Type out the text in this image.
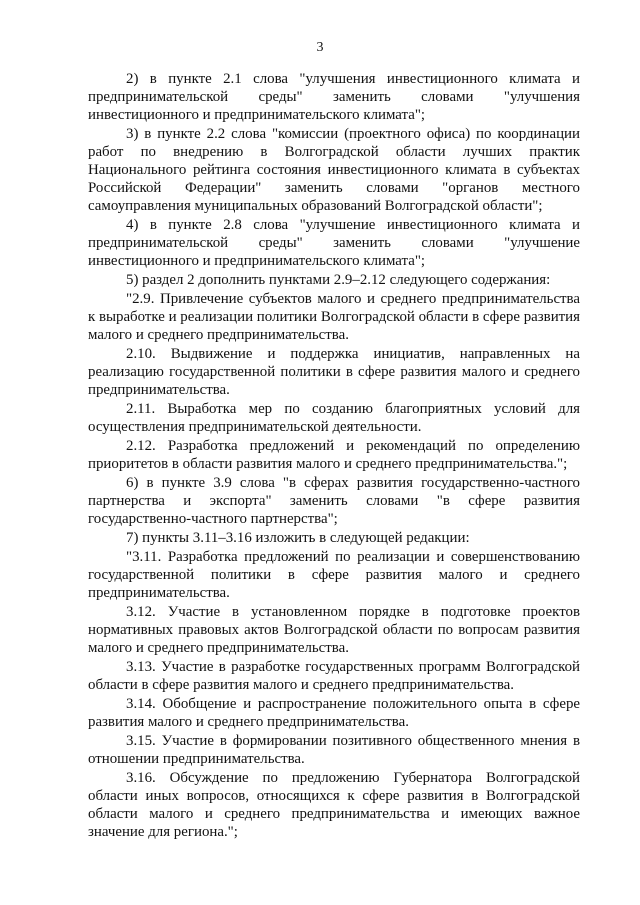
3

2) в пункте 2.1 слова "улучшения инвестиционного климата и предпринимательской среды" заменить словами "улучшения инвестиционного и предпринимательского климата";

3) в пункте 2.2 слова "комиссии (проектного офиса) по координации работ по внедрению в Волгоградской области лучших практик Национального рейтинга состояния инвестиционного климата в субъектах Российской Федерации" заменить словами "органов местного самоуправления муниципальных образований Волгоградской области";

4) в пункте 2.8 слова "улучшение инвестиционного климата и предпринимательской среды" заменить словами "улучшение инвестиционного и предпринимательского климата";

5) раздел 2 дополнить пунктами 2.9–2.12 следующего содержания:

"2.9. Привлечение субъектов малого и среднего предпринимательства к выработке и реализации политики Волгоградской области в сфере развития малого и среднего предпринимательства.

2.10. Выдвижение и поддержка инициатив, направленных на реализацию государственной политики в сфере развития малого и среднего предпринимательства.

2.11. Выработка мер по созданию благоприятных условий для осуществления предпринимательской деятельности.

2.12. Разработка предложений и рекомендаций по определению приоритетов в области развития малого и среднего предпринимательства.";

6) в пункте 3.9 слова "в сферах развития государственно-частного партнерства и экспорта" заменить словами "в сфере развития государственно-частного партнерства";

7) пункты 3.11–3.16 изложить в следующей редакции:

"3.11. Разработка предложений по реализации и совершенствованию государственной политики в сфере развития малого и среднего предпринимательства.

3.12. Участие в установленном порядке в подготовке проектов нормативных правовых актов Волгоградской области по вопросам развития малого и среднего предпринимательства.

3.13. Участие в разработке государственных программ Волгоградской области в сфере развития малого и среднего предпринимательства.

3.14. Обобщение и распространение положительного опыта в сфере развития малого и среднего предпринимательства.

3.15. Участие в формировании позитивного общественного мнения в отношении предпринимательства.

3.16. Обсуждение по предложению Губернатора Волгоградской области иных вопросов, относящихся к сфере развития в Волгоградской области малого и среднего предпринимательства и имеющих важное значение для региона.";
